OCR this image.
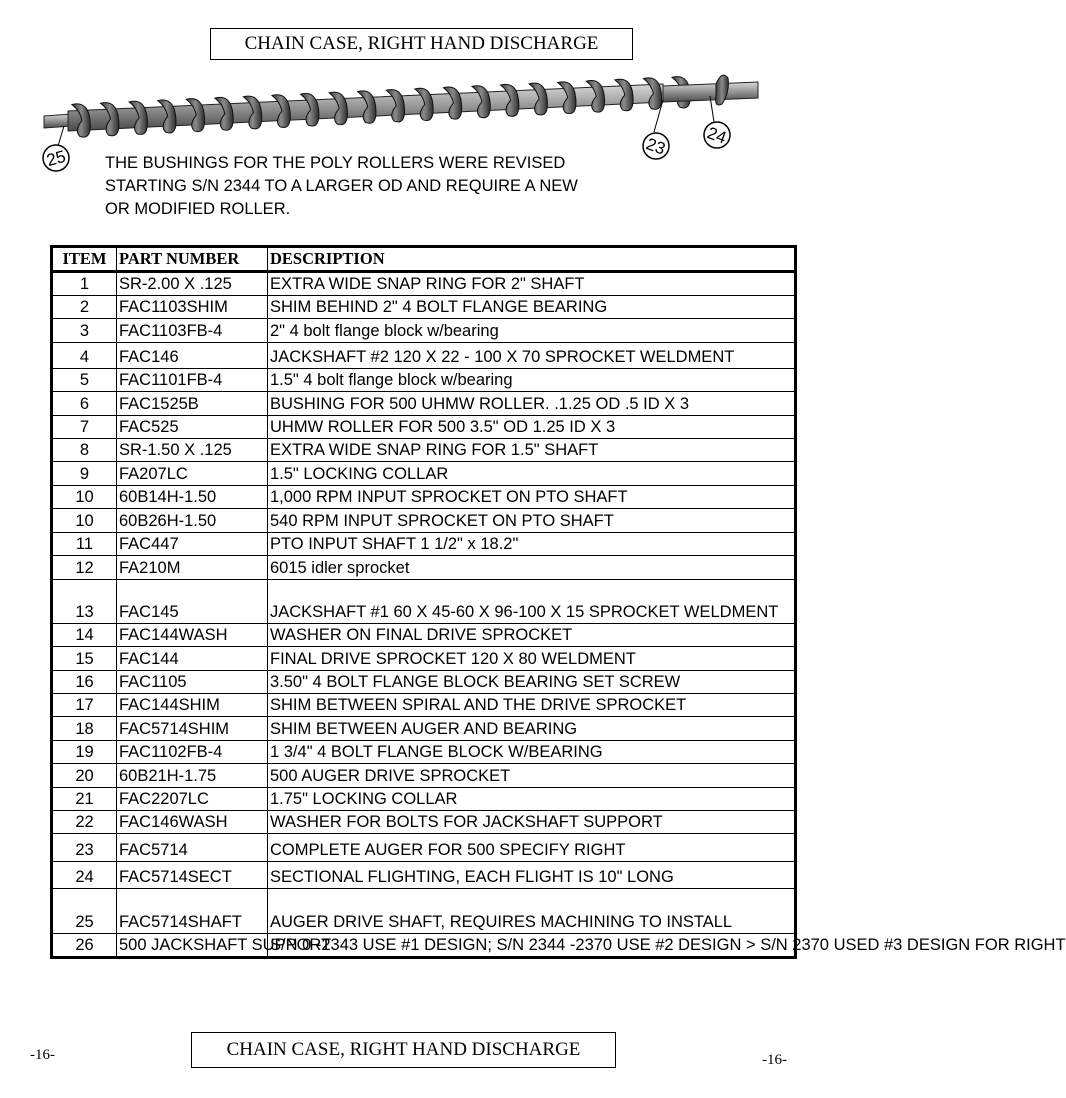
CHAIN CASE, RIGHT HAND DISCHARGE
25	23 24
THE BUSHINGS FOR THE POLY ROLLERS WERE REVISED
STARTING S/N 2344 TO A LARGER OD AND REQUIRE A NEW
OR MODIFIED ROLLER.
ITEM	PART NUMBER	DESCRIPTION
1	SR-2.00 X .125	EXTRA WIDE SNAP RING FOR 2" SHAFT
2	FAC1103SHIM	SHIM BEHIND 2" 4 BOLT FLANGE BEARING
3	FAC1103FB-4	2" 4 bolt flange block w/bearing
4	FAC146	JACKSHAFT #2 120 X 22 - 100 X 70 SPROCKET WELDMENT
5	FAC1101FB-4	1.5" 4 bolt flange block w/bearing
6	FAC1525B	BUSHING FOR 500 UHMW ROLLER. .1.25 OD .5 ID X 3
7	FAC525	UHMW ROLLER FOR 500 3.5" OD 1.25 ID X 3
8	SR-1.50 X .125	EXTRA WIDE SNAP RING FOR 1.5" SHAFT
9	FA207LC	1.5" LOCKING COLLAR
10	60B14H-1.50	1,000 RPM INPUT SPROCKET ON PTO SHAFT
10	60B26H-1.50	540 RPM INPUT SPROCKET ON PTO SHAFT
11	FAC447	PTO INPUT SHAFT 1 1/2" x 18.2"
12	FA210M	6015 idler sprocket
13	FAC145	JACKSHAFT #1 60 X 45-60 X 96-100 X 15 SPROCKET WELDMENT
14	FAC144WASH	WASHER ON FINAL DRIVE SPROCKET
15	FAC144	FINAL DRIVE SPROCKET 120 X 80 WELDMENT
16	FAC1105	3.50" 4 BOLT FLANGE BLOCK BEARING SET SCREW
17	FAC144SHIM	SHIM BETWEEN SPIRAL AND THE DRIVE SPROCKET
18	FAC5714SHIM	SHIM BETWEEN AUGER AND BEARING
19	FAC1102FB-4	1 3/4" 4 BOLT FLANGE BLOCK W/BEARING
20	60B21H-1.75	500 AUGER DRIVE SPROCKET
21	FAC2207LC	1.75" LOCKING COLLAR
22	FAC146WASH	WASHER FOR BOLTS FOR JACKSHAFT SUPPORT
23	FAC5714	COMPLETE AUGER FOR 500 SPECIFY RIGHT
24	FAC5714SECT	SECTIONAL FLIGHTING, EACH FLIGHT IS 10" LONG
25	FAC5714SHAFT	AUGER DRIVE SHAFT, REQUIRES MACHINING TO INSTALL
26	500 JACKSHAFT SUPPORT	S/N 0 -2343 USE #1 DESIGN; S/N 2344 -2370 USE #2 DESIGN > S/N 2370 USED #3 DESIGN FOR RIGHT
CHAIN CASE, RIGHT HAND DISCHARGE
-16-	-16-
